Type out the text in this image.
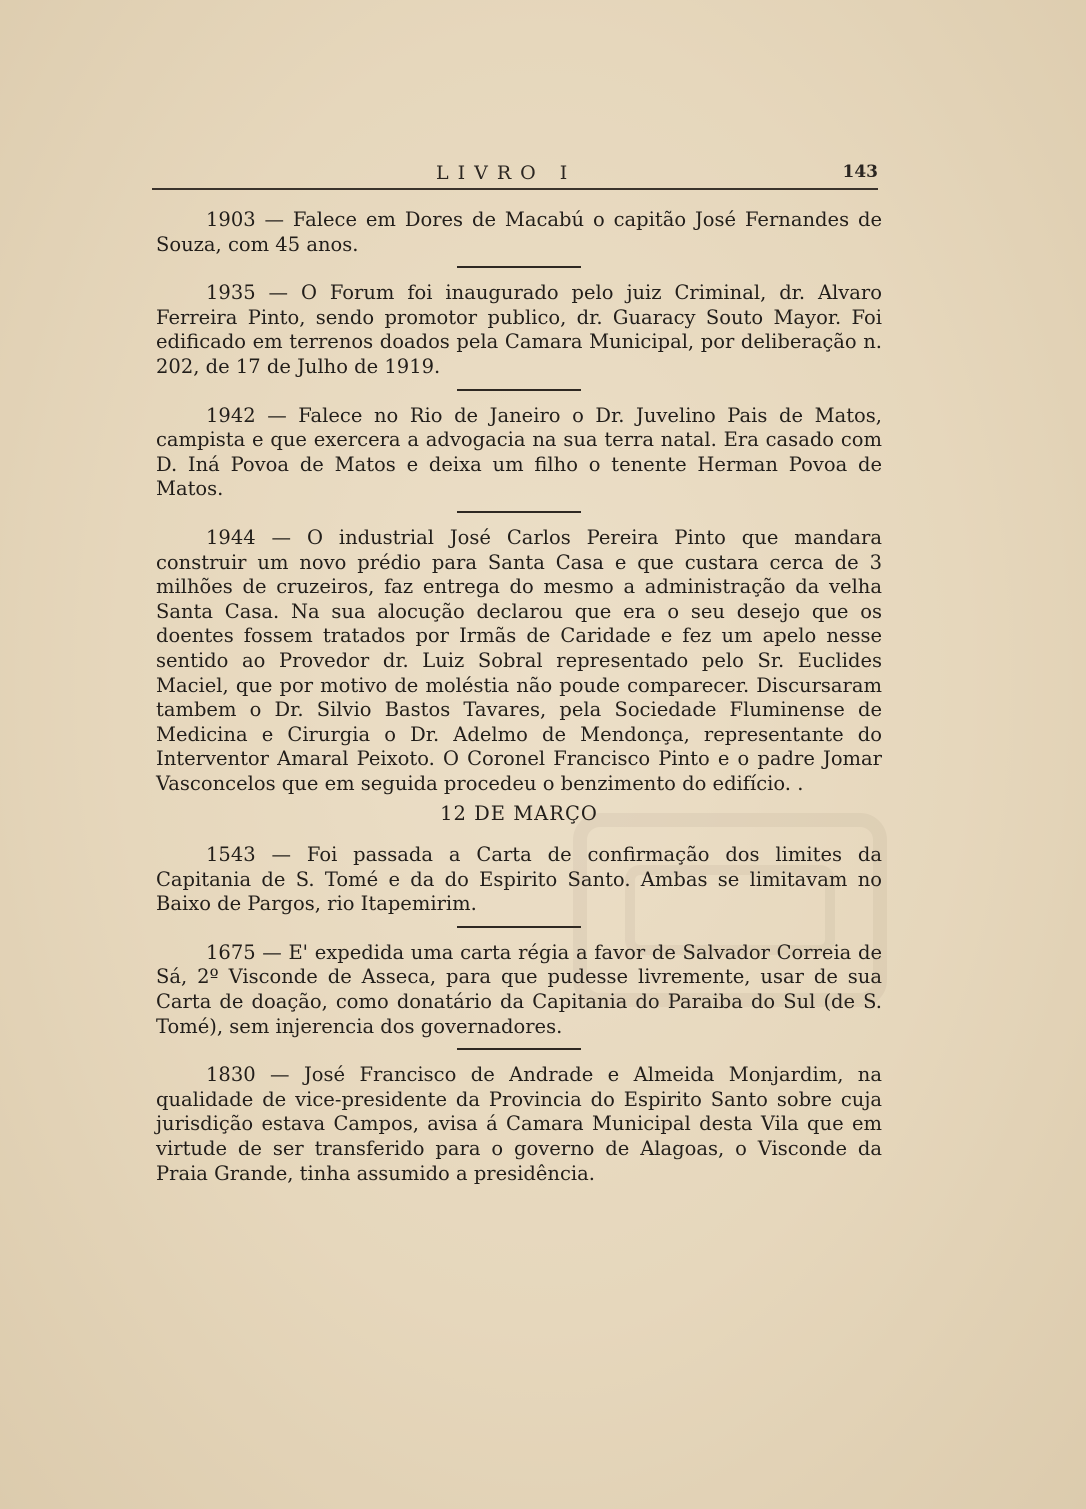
LIVRO I	143

1903 — Falece em Dores de Macabú o capitão José Fernandes de Souza, com 45 anos.

1935 — O Forum foi inaugurado pelo juiz Criminal, dr. Alvaro Ferreira Pinto, sendo promotor publico, dr. Guaracy Souto Mayor. Foi edificado em terrenos doados pela Camara Municipal, por deliberação n. 202, de 17 de Julho de 1919.

1942 — Falece no Rio de Janeiro o Dr. Juvelino Pais de Matos, campista e que exercera a advogacia na sua terra natal. Era casado com D. Iná Povoa de Matos e deixa um filho o tenente Herman Povoa de Matos.

1944 — O industrial José Carlos Pereira Pinto que mandara construir um novo prédio para Santa Casa e que custara cerca de 3 milhões de cruzeiros, faz entrega do mesmo a administração da velha Santa Casa. Na sua alocução declarou que era o seu desejo que os doentes fossem tratados por Irmãs de Caridade e fez um apelo nesse sentido ao Provedor dr. Luiz Sobral representado pelo Sr. Euclides Maciel, que por motivo de moléstia não poude comparecer. Discursaram tambem o Dr. Silvio Bastos Tavares, pela Sociedade Fluminense de Medicina e Cirurgia o Dr. Adelmo de Mendonça, representante do Interventor Amaral Peixoto. O Coronel Francisco Pinto e o padre Jomar Vasconcelos que em seguida procedeu o benzimento do edifício. .

12 DE MARÇO

1543 — Foi passada a Carta de confirmação dos limites da Capitania de S. Tomé e da do Espirito Santo. Ambas se limitavam no Baixo de Pargos, rio Itapemirim.

1675 — E' expedida uma carta régia a favor de Salvador Correia de Sá, 2º Visconde de Asseca, para que pudesse livremente, usar de sua Carta de doação, como donatário da Capitania do Paraiba do Sul (de S. Tomé), sem injerencia dos governadores.

1830 — José Francisco de Andrade e Almeida Monjardim, na qualidade de vice-presidente da Provincia do Espirito Santo sobre cuja jurisdição estava Campos, avisa á Camara Municipal desta Vila que em virtude de ser transferido para o governo de Alagoas, o Visconde da Praia Grande, tinha assumido a presidência.
